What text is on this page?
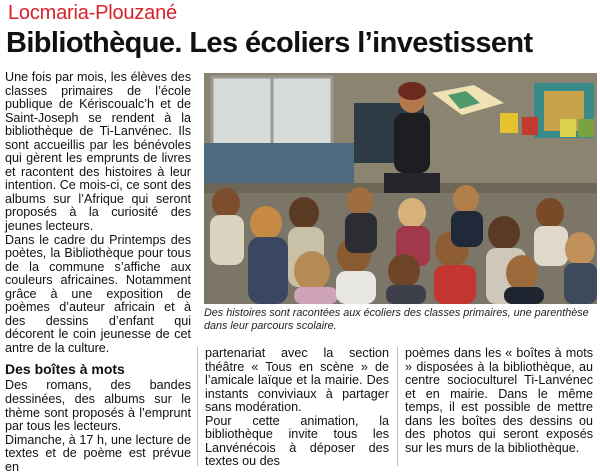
Locmaria-Plouzané
Bibliothèque. Les écoliers l’investissent

Une fois par mois, les élèves des classes primaires de l’école publique de Kériscoualc’h et de Saint-Joseph se rendent à la bibliothèque de Ti-Lanvénec. Ils sont accueillis par les bénévoles qui gèrent les emprunts de livres et racontent des histoires à leur intention. Ce mois-ci, ce sont des albums sur l’Afrique qui seront proposés à la curiosité des jeunes lecteurs.

Dans le cadre du Printemps des poètes, la Bibliothèque pour tous de la commune s’affiche aux couleurs africaines. Notamment grâce à une exposition de poèmes d’auteur africain et à des dessins d’enfant qui décorent le coin jeunesse de cet antre de la culture.

Des boîtes à mots

Des romans, des bandes dessinées, des albums sur le thème sont proposés à l’emprunt par tous les lecteurs.

Dimanche, à 17 h, une lecture de textes et de poème est prévue en

Des histoires sont racontées aux écoliers des classes primaires, une parenthèse dans leur parcours scolaire.

partenariat avec la section théâtre « Tous en scène » de l’amicale laïque et la mairie. Des instants conviviaux à partager sans modération.

Pour cette animation, la bibliothèque invite tous les Lanvénécois à déposer des textes ou des

poèmes dans les « boîtes à mots » disposées à la bibliothèque, au centre socioculturel Ti-Lanvénec et en mairie. Dans le même temps, il est possible de mettre dans les boîtes des dessins ou des photos qui seront exposés sur les murs de la bibliothèque.
